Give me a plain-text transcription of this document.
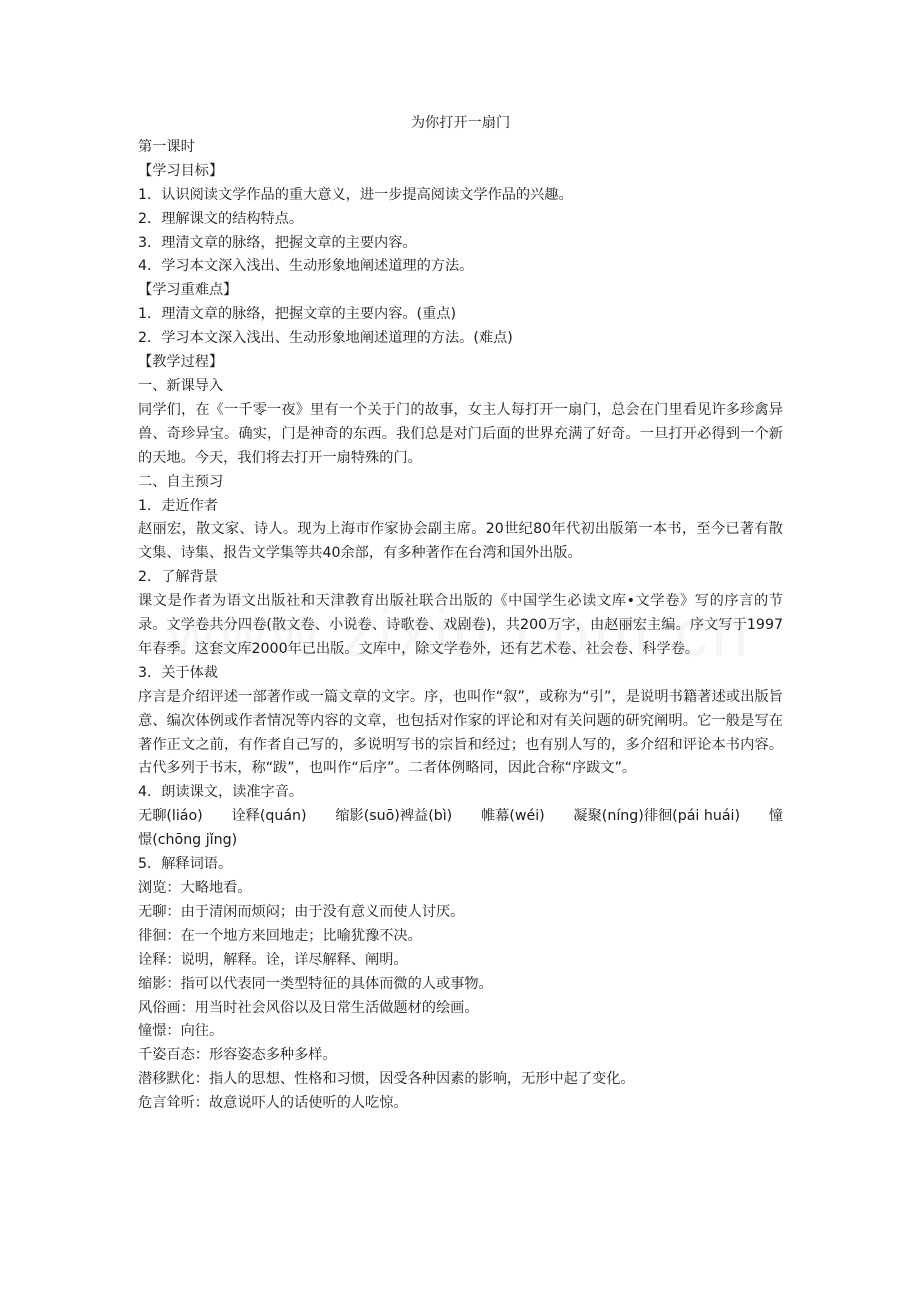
为你打开一扇门

第一课时

【学习目标】

1．认识阅读文学作品的重大意义，进一步提高阅读文学作品的兴趣。

2．理解课文的结构特点。

3．理清文章的脉络，把握文章的主要内容。

4．学习本文深入浅出、生动形象地阐述道理的方法。

【学习重难点】

1．理清文章的脉络，把握文章的主要内容。(重点)

2．学习本文深入浅出、生动形象地阐述道理的方法。(难点)

【教学过程】

一、新课导入

同学们，在《一千零一夜》里有一个关于门的故事，女主人每打开一扇门，总会在门里看见许多珍禽异兽、奇珍异宝。确实，门是神奇的东西。我们总是对门后面的世界充满了好奇。一旦打开必得到一个新的天地。今天，我们将去打开一扇特殊的门。

二、自主预习

1．走近作者

赵丽宏，散文家、诗人。现为上海市作家协会副主席。20世纪80年代初出版第一本书，至今已著有散文集、诗集、报告文学集等共40余部，有多种著作在台湾和国外出版。

2．了解背景

课文是作者为语文出版社和天津教育出版社联合出版的《中国学生必读文库•文学卷》写的序言的节录。文学卷共分四卷(散文卷、小说卷、诗歌卷、戏剧卷)，共200万字，由赵丽宏主编。序文写于1997年春季。这套文库2000年已出版。文库中，除文学卷外，还有艺术卷、社会卷、科学卷。

3．关于体裁

序言是介绍评述一部著作或一篇文章的文字。序，也叫作“叙”，或称为“引”，是说明书籍著述或出版旨意、编次体例或作者情况等内容的文章，也包括对作家的评论和对有关问题的研究阐明。它一般是写在著作正文之前，有作者自己写的，多说明写书的宗旨和经过；也有别人写的，多介绍和评论本书内容。古代多列于书末，称“跋”，也叫作“后序”。二者体例略同，因此合称“序跋文”。

4．朗读课文，读准字音。

无聊(liáo) 诠释(quán) 缩影(suō)裨益(bì) 帷幕(wéi) 凝聚(níng)徘徊(pái huái) 憧

憬(chōng jǐng)

5．解释词语。

浏览：大略地看。

无聊：由于清闲而烦闷；由于没有意义而使人讨厌。

徘徊：在一个地方来回地走；比喻犹豫不决。

诠释：说明，解释。诠，详尽解释、阐明。

缩影：指可以代表同一类型特征的具体而微的人或事物。

风俗画：用当时社会风俗以及日常生活做题材的绘画。

憧憬：向往。

千姿百态：形容姿态多种多样。

潜移默化：指人的思想、性格和习惯，因受各种因素的影响，无形中起了变化。

危言耸听：故意说吓人的话使听的人吃惊。
